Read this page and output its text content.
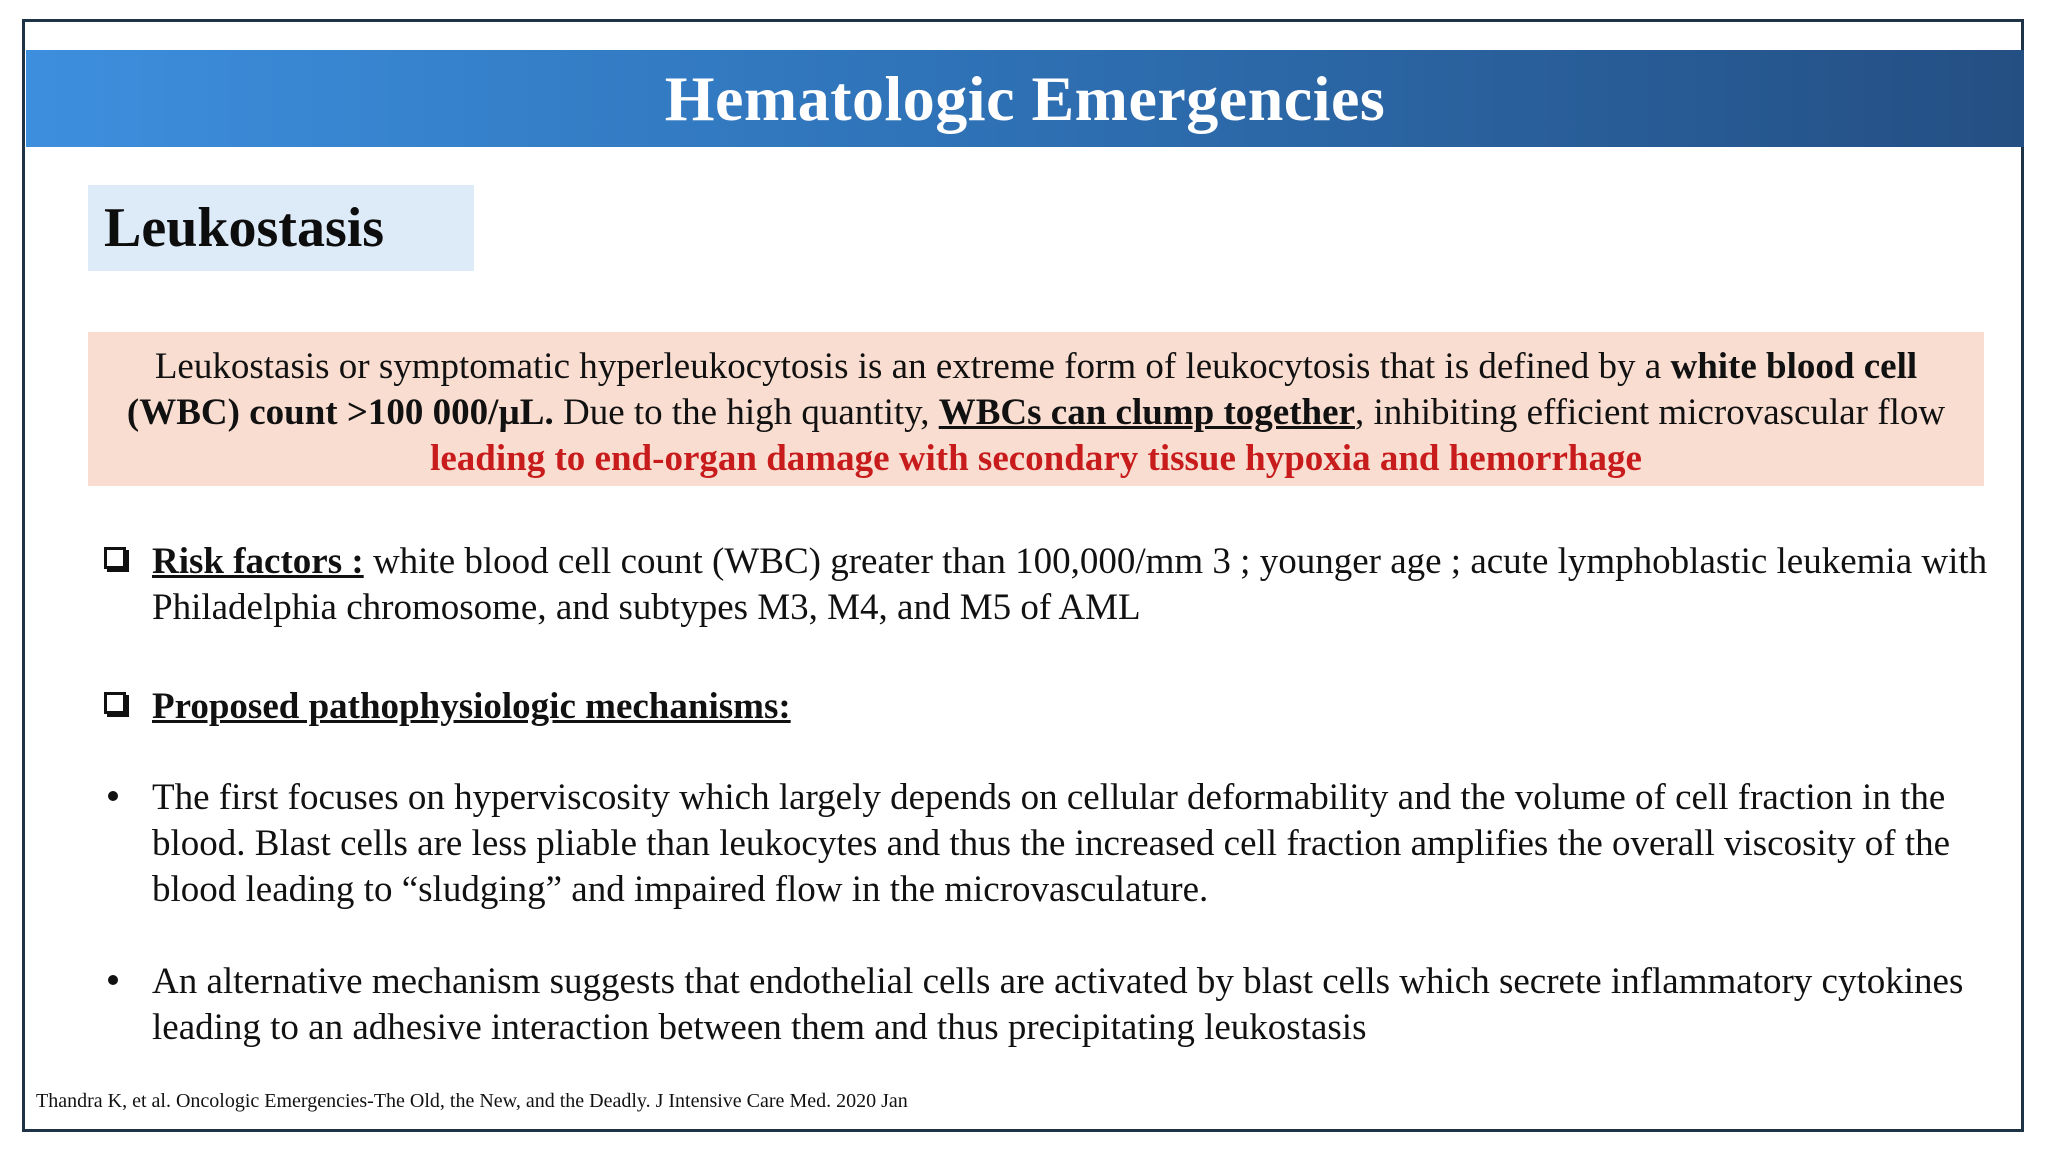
Hematologic Emergencies
Leukostasis
Leukostasis or symptomatic hyperleukocytosis is an extreme form of leukocytosis that is defined by a white blood cell (WBC) count >100 000/µL. Due to the high quantity, WBCs can clump together, inhibiting efficient microvascular flow leading to end-organ damage with secondary tissue hypoxia and hemorrhage
Risk factors : white blood cell count (WBC) greater than 100,000/mm 3 ; younger age ; acute lymphoblastic leukemia with Philadelphia chromosome, and subtypes M3, M4, and M5 of AML
Proposed pathophysiologic mechanisms:
The first focuses on hyperviscosity which largely depends on cellular deformability and the volume of cell fraction in the blood. Blast cells are less pliable than leukocytes and thus the increased cell fraction amplifies the overall viscosity of the blood leading to “sludging” and impaired flow in the microvasculature.
An alternative mechanism suggests that endothelial cells are activated by blast cells which secrete inflammatory cytokines leading to an adhesive interaction between them and thus precipitating leukostasis
Thandra K, et al. Oncologic Emergencies-The Old, the New, and the Deadly. J Intensive Care Med. 2020 Jan
